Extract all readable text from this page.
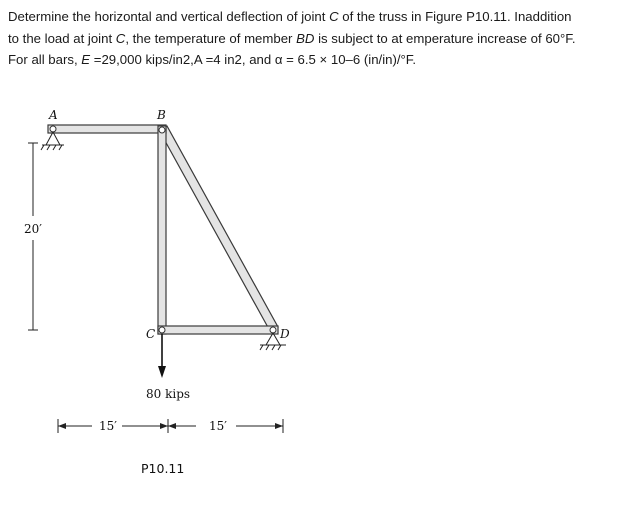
Determine the horizontal and vertical deflection of joint C of the truss in Figure P10.11. Inaddition

to the load at joint C, the temperature of member BD is subject to at emperature increase of 60°F.

For all bars, E =29,000 kips/in2,A =4 in2, and α = 6.5 × 10–6 (in/in)/°F.

20′
A	B
C	D
80 kips
15′	15′
P10.11
